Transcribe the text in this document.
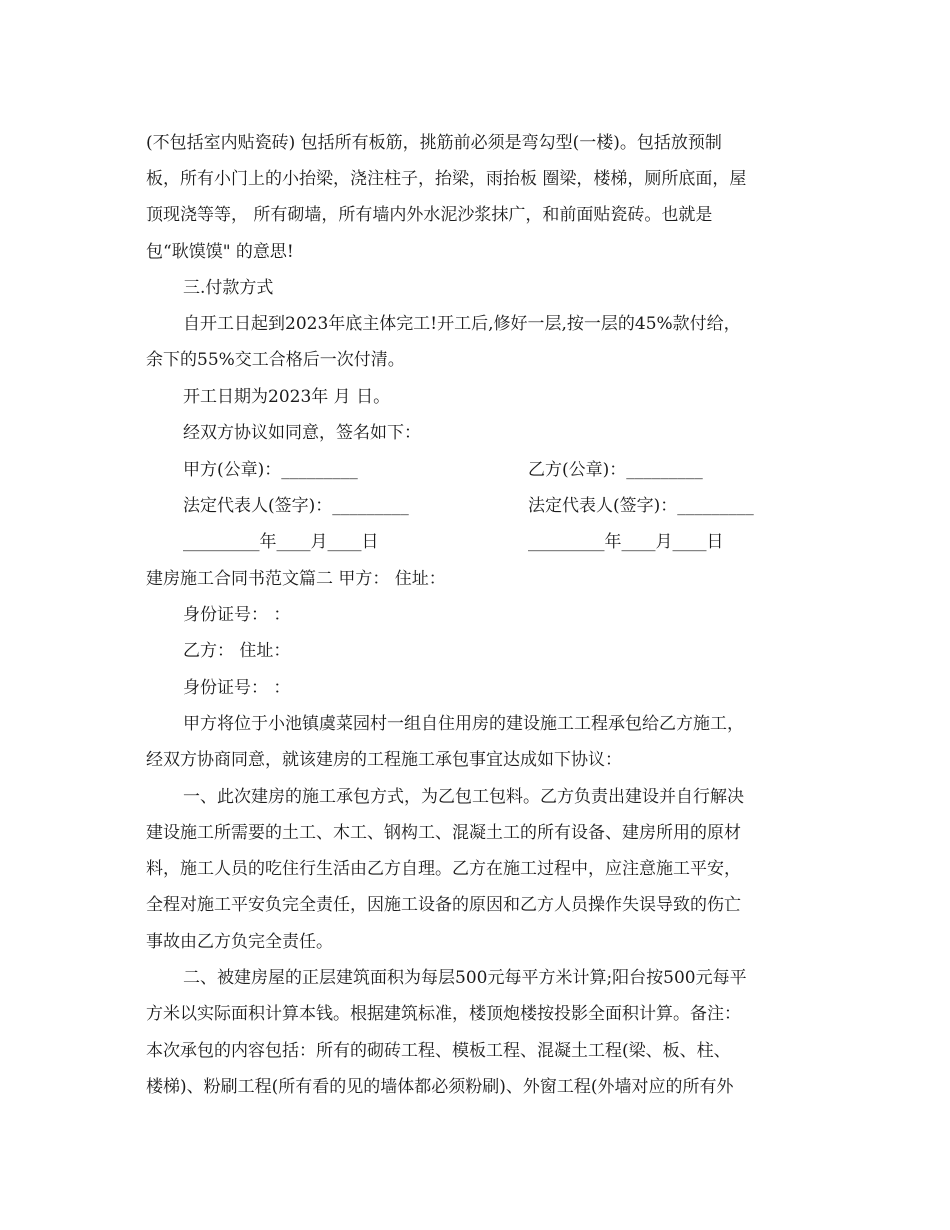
(不包括室内贴瓷砖) 包括所有板筋，挑筋前必须是弯勾型(一楼)。包括放预制

板，所有小门上的小抬梁，浇注柱子，抬梁，雨抬板 圈梁，楼梯，厕所底面，屋

顶现浇等等， 所有砌墙，所有墙内外水泥沙浆抹广，和前面贴瓷砖。也就是

包“耿馍馍" 的意思!

三.付款方式

自开工日起到2023年底主体完工!开工后,修好一层,按一层的45%款付给，

余下的55%交工合格后一次付清。

开工日期为2023年 月 日。

经双方协议如同意，签名如下：

甲方(公章)：_________	乙方(公章)：_________

法定代表人(签字)：_________	法定代表人(签字)：_________

_________年____月____日	_________年____月____日

建房施工合同书范文篇二 甲方： 住址：

身份证号： ：

乙方： 住址：

身份证号： ：

甲方将位于小池镇虞菜园村一组自住用房的建设施工工程承包给乙方施工，

经双方协商同意，就该建房的工程施工承包事宜达成如下协议：

一、此次建房的施工承包方式，为乙包工包料。乙方负责出建设并自行解决

建设施工所需要的土工、木工、钢构工、混凝土工的所有设备、建房所用的原材

料，施工人员的吃住行生活由乙方自理。乙方在施工过程中，应注意施工平安，

全程对施工平安负完全责任，因施工设备的原因和乙方人员操作失误导致的伤亡

事故由乙方负完全责任。

二、被建房屋的正层建筑面积为每层500元每平方米计算;阳台按500元每平

方米以实际面积计算本钱。根据建筑标准，楼顶炮楼按投影全面积计算。备注：

本次承包的内容包括：所有的砌砖工程、模板工程、混凝土工程(梁、板、柱、

楼梯)、粉刷工程(所有看的见的墙体都必须粉刷)、外窗工程(外墙对应的所有外
